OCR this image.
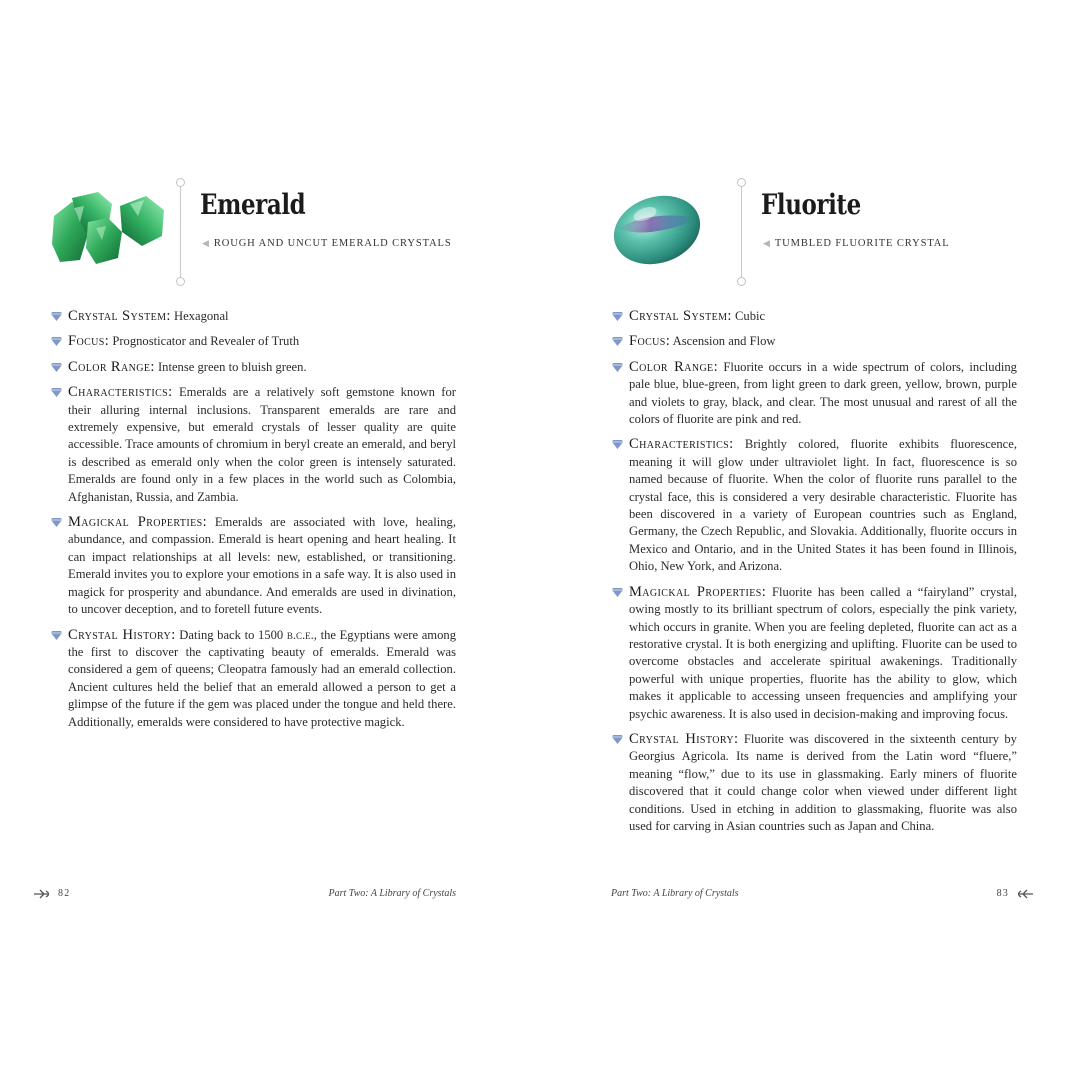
Emerald
◀ ROUGH AND UNCUT EMERALD CRYSTALS

Crystal System : Hexagonal

Focus : Prognosticator and Revealer of Truth

Color Range : Intense green to bluish green.

Characteristics : Emeralds are a relatively soft gemstone known for their alluring internal inclusions. Transparent emeralds are rare and extremely expensive, but emerald crystals of lesser quality are quite accessible. Trace amounts of chromium in beryl create an emerald, and beryl is described as emerald only when the color green is intensely saturated. Emeralds are found only in a few places in the world such as Colombia, Afghanistan, Russia, and Zambia.

Magickal Properties : Emeralds are associated with love, healing, abundance, and compassion. Emerald is heart opening and heart healing. It can impact relationships at all levels: new, established, or transitioning. Emerald invites you to explore your emotions in a safe way. It is also used in magick for prosperity and abundance. And emeralds are used in divination, to uncover deception, and to foretell future events.

Crystal History : Dating back to 1500 b.c.e., the Egyptians were among the first to discover the captivating beauty of emeralds. Emerald was considered a gem of queens; Cleopatra famously had an emerald collection. Ancient cultures held the belief that an emerald allowed a person to get a glimpse of the future if the gem was placed under the tongue and held there. Additionally, emeralds were considered to have protective magick.

82	Part Two: A Library of Crystals
Fluorite
◀ TUMBLED FLUORITE CRYSTAL

Crystal System : Cubic

Focus : Ascension and Flow

Color Range : Fluorite occurs in a wide spectrum of colors, including pale blue, blue-green, from light green to dark green, yellow, brown, purple and violets to gray, black, and clear. The most unusual and rarest of all the colors of fluorite are pink and red.

Characteristics : Brightly colored, fluorite exhibits fluorescence, meaning it will glow under ultraviolet light. In fact, fluorescence is so named because of fluorite. When the color of fluorite runs parallel to the crystal face, this is considered a very desirable characteristic. Fluorite has been discovered in a variety of European countries such as England, Germany, the Czech Republic, and Slovakia. Additionally, fluorite occurs in Mexico and Ontario, and in the United States it has been found in Illinois, Ohio, New York, and Arizona.

Magickal Properties : Fluorite has been called a “fairyland” crystal, owing mostly to its brilliant spectrum of colors, especially the pink variety, which occurs in granite. When you are feeling depleted, fluorite can act as a restorative crystal. It is both energizing and uplifting. Fluorite can be used to overcome obstacles and accelerate spiritual awakenings. Traditionally powerful with unique properties, fluorite has the ability to glow, which makes it applicable to accessing unseen frequencies and amplifying your psychic awareness. It is also used in decision-making and improving focus.

Crystal History : Fluorite was discovered in the sixteenth century by Georgius Agricola. Its name is derived from the Latin word “fluere,” meaning “flow,” due to its use in glassmaking. Early miners of fluorite discovered that it could change color when viewed under different light conditions. Used in etching in addition to glassmaking, fluorite was also used for carving in Asian countries such as Japan and China.

Part Two: A Library of Crystals	83
